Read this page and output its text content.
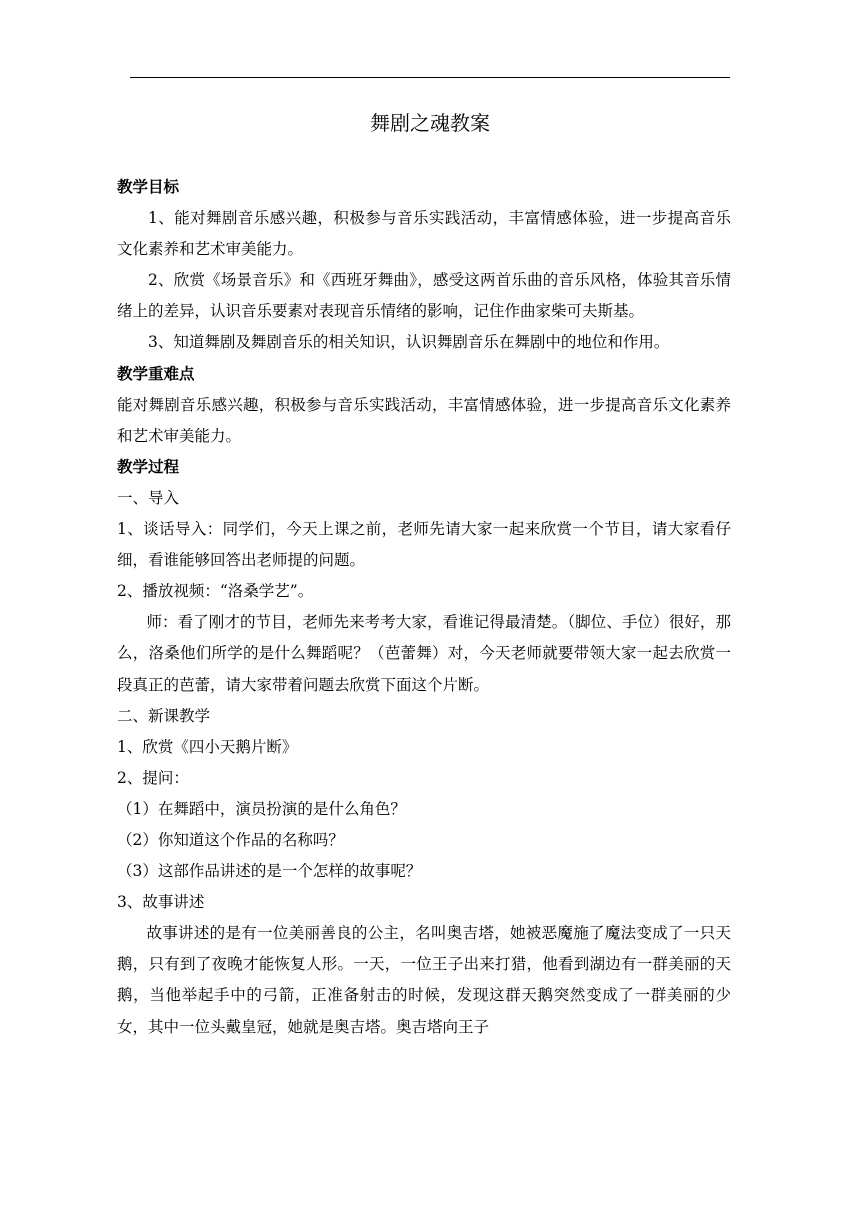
舞剧之魂教案
教学目标

1、能对舞剧音乐感兴趣，积极参与音乐实践活动，丰富情感体验，进一步提高音乐文化素养和艺术审美能力。

2、欣赏《场景音乐》和《西班牙舞曲》，感受这两首乐曲的音乐风格，体验其音乐情绪上的差异，认识音乐要素对表现音乐情绪的影响，记住作曲家柴可夫斯基。

3、知道舞剧及舞剧音乐的相关知识，认识舞剧音乐在舞剧中的地位和作用。

教学重难点

能对舞剧音乐感兴趣，积极参与音乐实践活动，丰富情感体验，进一步提高音乐文化素养和艺术审美能力。

教学过程

一、导入

1、谈话导入：同学们，今天上课之前，老师先请大家一起来欣赏一个节目，请大家看仔细，看谁能够回答出老师提的问题。

2、播放视频：“洛桑学艺”。

师：看了刚才的节目，老师先来考考大家，看谁记得最清楚。（脚位、手位）很好，那么，洛桑他们所学的是什么舞蹈呢？（芭蕾舞）对，今天老师就要带领大家一起去欣赏一段真正的芭蕾，请大家带着问题去欣赏下面这个片断。

二、新课教学

1、欣赏《四小天鹅片断》

2、提问：

（1）在舞蹈中，演员扮演的是什么角色？

（2）你知道这个作品的名称吗？

（3）这部作品讲述的是一个怎样的故事呢？

3、故事讲述

故事讲述的是有一位美丽善良的公主，名叫奥吉塔，她被恶魔施了魔法变成了一只天鹅，只有到了夜晚才能恢复人形。一天，一位王子出来打猎，他看到湖边有一群美丽的天鹅，当他举起手中的弓箭，正准备射击的时候，发现这群天鹅突然变成了一群美丽的少女，其中一位头戴皇冠，她就是奥吉塔。奥吉塔向王子
